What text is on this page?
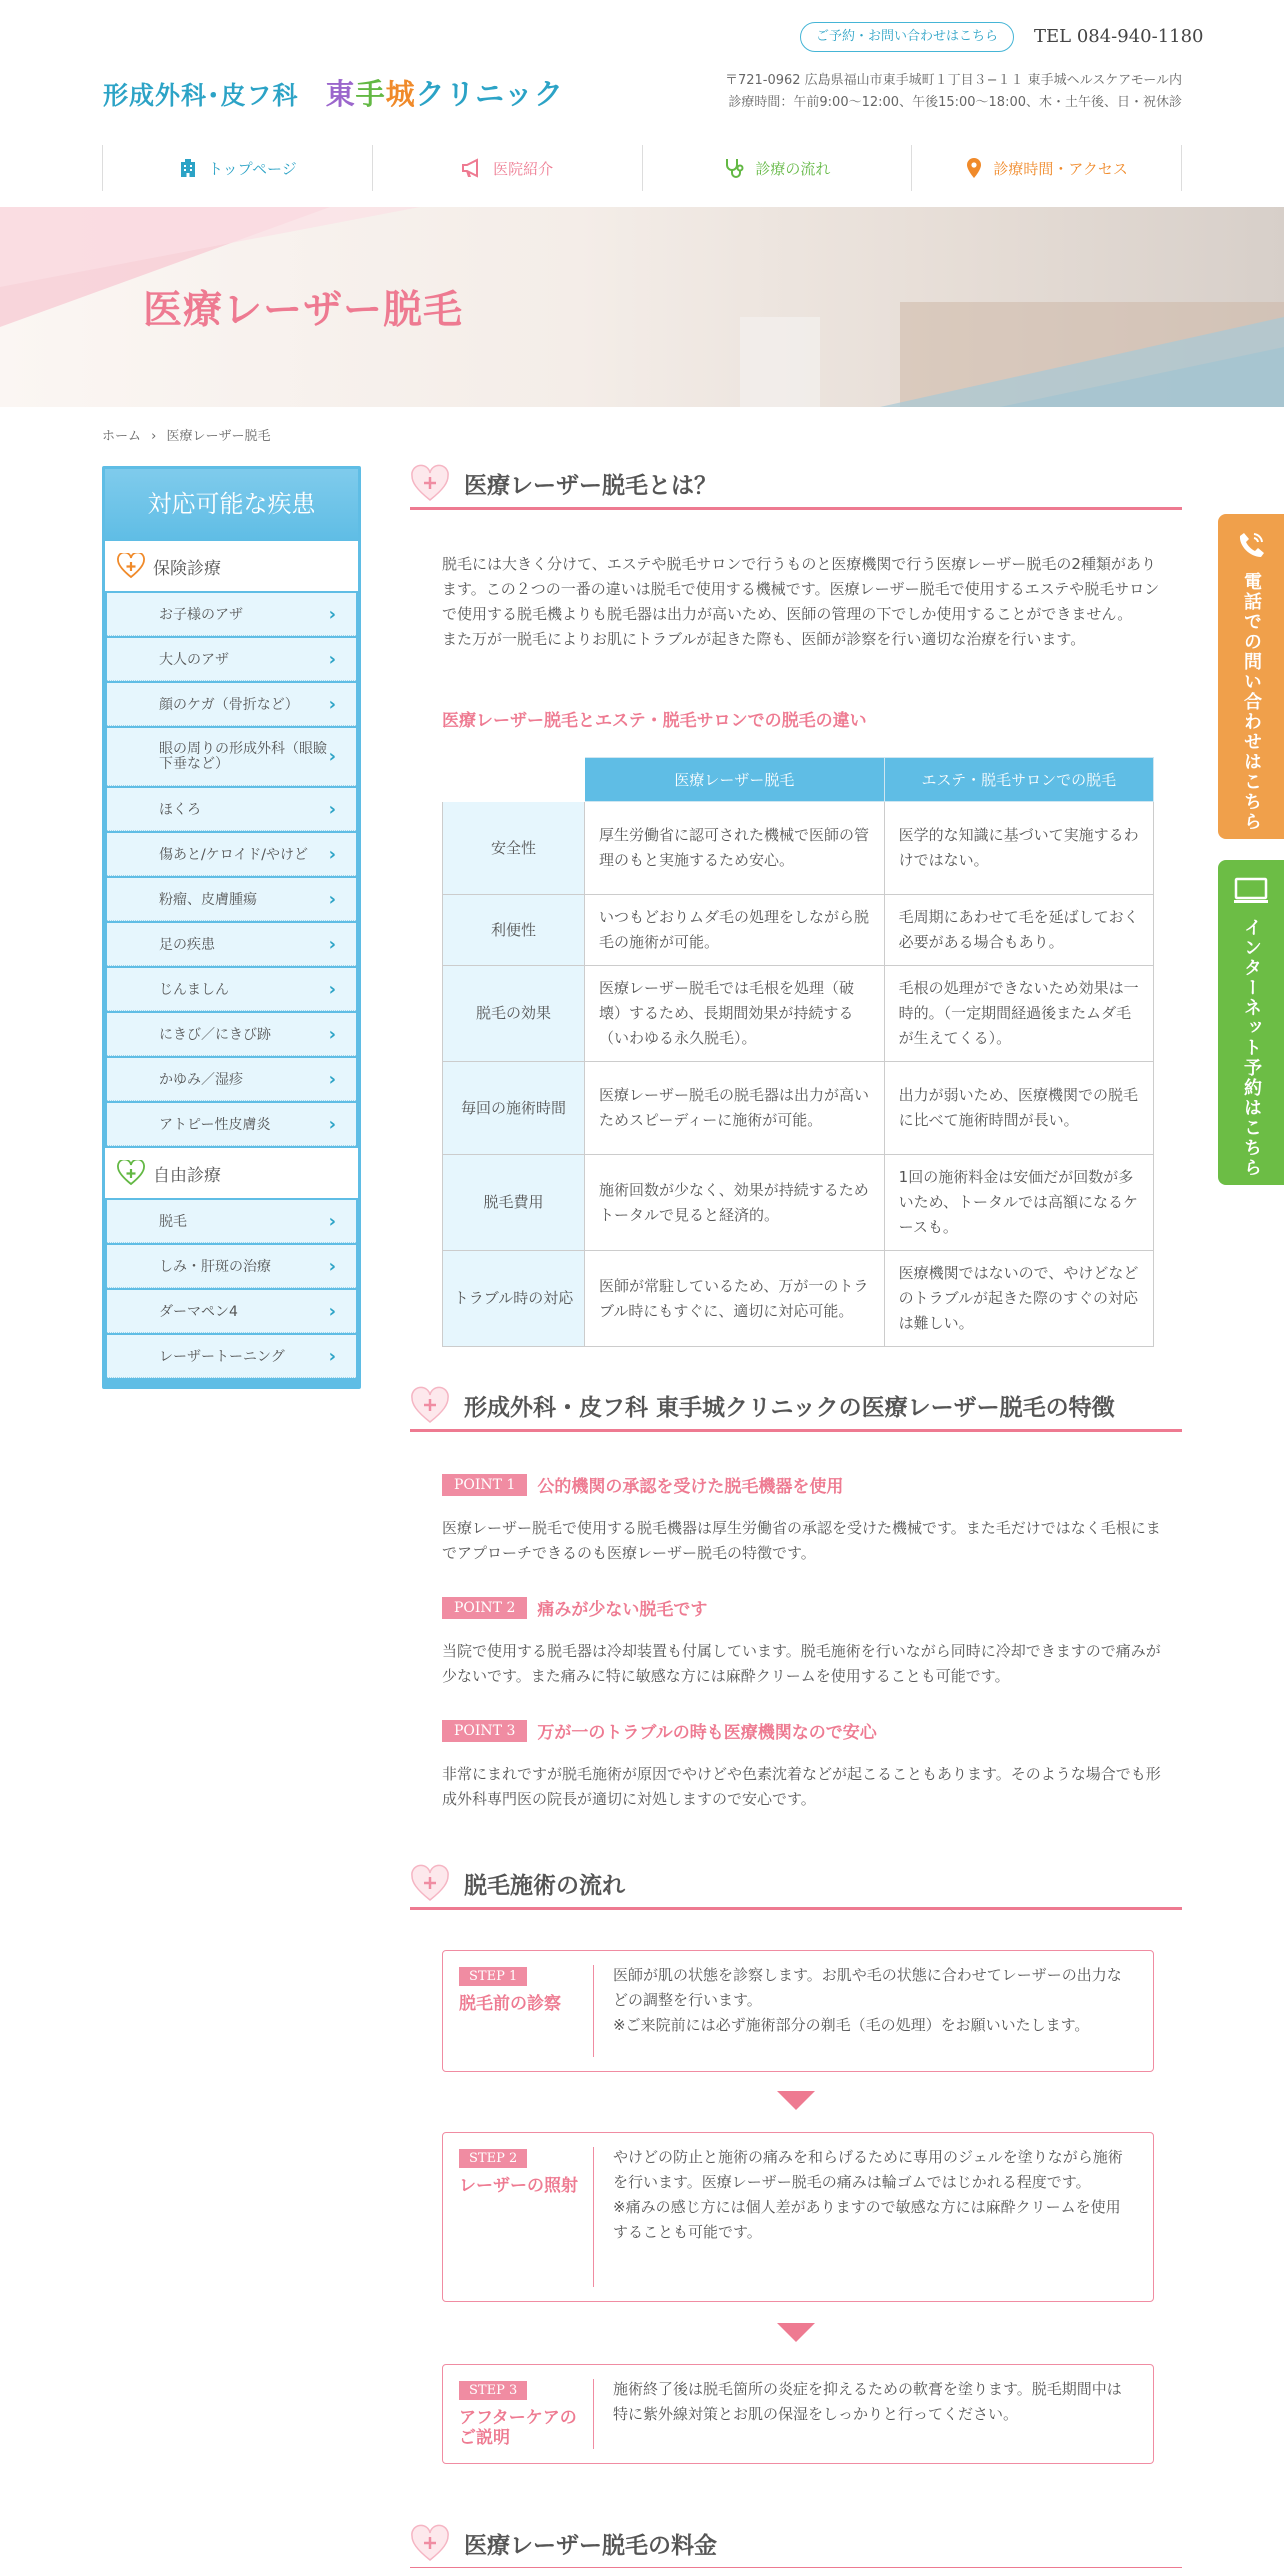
形成外科･皮フ科 東手城クリニック
ご予約・お問い合わせはこちら	TEL 084-940-1180
〒721-0962 広島県福山市東手城町１丁目３−１１ 東手城ヘルスケアモール内
診療時間：午前9:00～12:00、午後15:00～18:00、木・土午後、日・祝休診
トップページ	医院紹介	診療の流れ	診療時間・アクセス
医療レーザー脱毛
ホーム › 医療レーザー脱毛
対応可能な疾患
保険診療
お子様のアザ	›
大人のアザ	›
顔のケガ（骨折など） ›
眼の周りの形成外科（眼瞼下垂など）	›
ほくろ	›
傷あと/ケロイド/やけど ›
粉瘤、皮膚腫瘍	›
足の疾患	›
じんましん	›
にきび／にきび跡	›
かゆみ／湿疹	›
アトピー性皮膚炎	›
自由診療
脱毛	›
しみ・肝斑の治療	›
ダーマペン4	›
レーザートーニング ›
医療レーザー脱毛とは？

脱毛には大きく分けて、エステや脱毛サロンで行うものと医療機関で行う医療レーザー脱毛の2種類があります。この２つの一番の違いは脱毛で使用する機械です。医療レーザー脱毛で使用するエステや脱毛サロンで使用する脱毛機よりも脱毛器は出力が高いため、医師の管理の下でしか使用することができません。
また万が一脱毛によりお肌にトラブルが起きた際も、医師が診察を行い適切な治療を行います。

医療レーザー脱毛とエステ・脱毛サロンでの脱毛の違い
	医療レーザー脱毛	エステ・脱毛サロンでの脱毛
安全性	厚生労働省に認可された機械で医師の管理のもと実施するため安心。	医学的な知識に基づいて実施するわけではない。
利便性	いつもどおりムダ毛の処理をしながら脱毛の施術が可能。	毛周期にあわせて毛を延ばしておく必要がある場合もあり。
脱毛の効果	医療レーザー脱毛では毛根を処理（破壊）するため、長期間効果が持続する（いわゆる永久脱毛）。	毛根の処理ができないため効果は一時的。（一定期間経過後またムダ毛が生えてくる）。
毎回の施術時間	医療レーザー脱毛の脱毛器は出力が高いためスピーディーに施術が可能。	出力が弱いため、医療機関での脱毛に比べて施術時間が長い。
脱毛費用	施術回数が少なく、効果が持続するためトータルで見ると経済的。	1回の施術料金は安価だが回数が多いため、トータルでは高額になるケースも。
トラブル時の対応	医師が常駐しているため、万が一のトラブル時にもすぐに、適切に対応可能。	医療機関ではないので、やけどなどのトラブルが起きた際のすぐの対応は難しい。
形成外科・皮フ科 東手城クリニックの医療レーザー脱毛の特徴
POINT 1	公的機関の承認を受けた脱毛機器を使用

医療レーザー脱毛で使用する脱毛機器は厚生労働省の承認を受けた機械です。また毛だけではなく毛根にまでアプローチできるのも医療レーザー脱毛の特徴です。

POINT 2	痛みが少ない脱毛です

当院で使用する脱毛器は冷却装置も付属しています。脱毛施術を行いながら同時に冷却できますので痛みが少ないです。また痛みに特に敏感な方には麻酔クリームを使用することも可能です。

POINT 3	万が一のトラブルの時も医療機関なので安心

非常にまれですが脱毛施術が原因でやけどや色素沈着などが起こることもあります。そのような場合でも形成外科専門医の院長が適切に対処しますので安心です。

脱毛施術の流れ
STEP 1
脱毛前の診察
医師が肌の状態を診察します。お肌や毛の状態に合わせてレーザーの出力などの調整を行います。
※ご来院前には必ず施術部分の剃毛（毛の処理）をお願いいたします。
STEP 2
レーザーの照射
やけどの防止と施術の痛みを和らげるために専用のジェルを塗りながら施術を行います。医療レーザー脱毛の痛みは輪ゴムではじかれる程度です。
※痛みの感じ方には個人差がありますので敏感な方には麻酔クリームを使用することも可能です。
STEP 3
アフターケアのご説明
施術終了後は脱毛箇所の炎症を抑えるための軟膏を塗ります。脱毛期間中は特に紫外線対策とお肌の保湿をしっかりと行ってください。
医療レーザー脱毛の料金
電話での問い合わせはこちら
インターネット予約はこちら
